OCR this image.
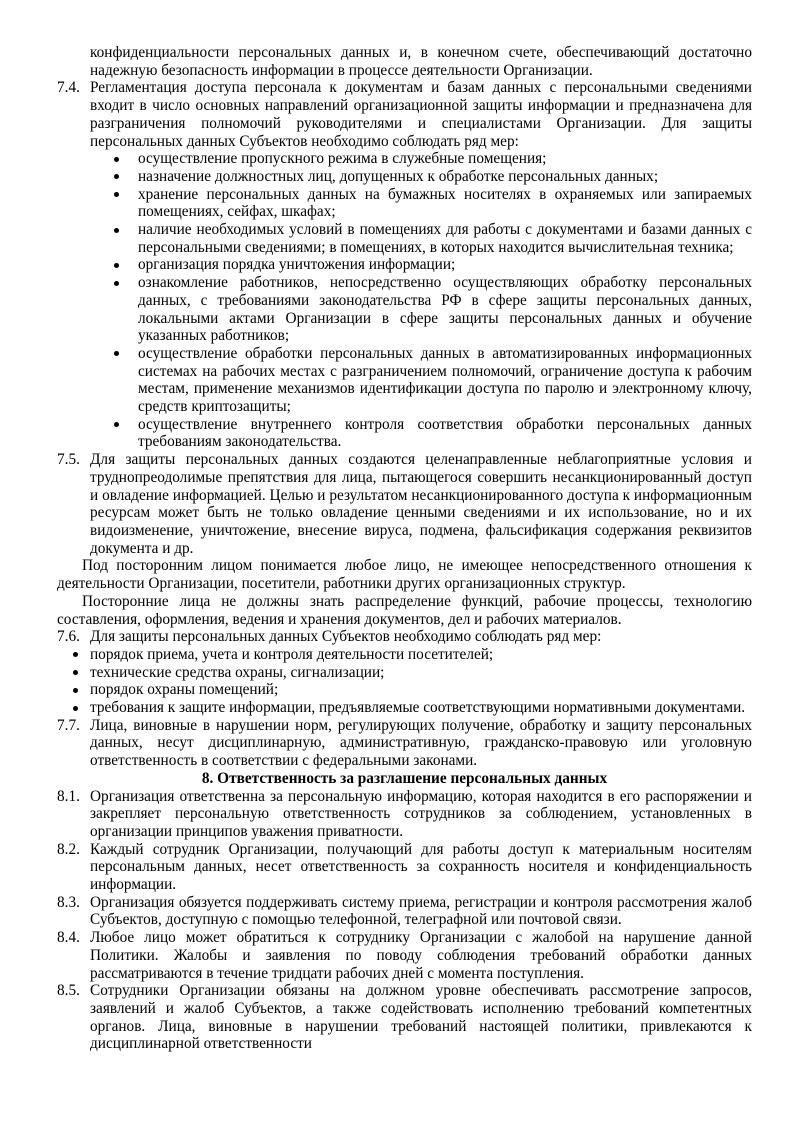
конфиденциальности персональных данных и, в конечном счете, обеспечивающий достаточно надежную безопасность информации в процессе деятельности Организации.

7.4. Регламентация доступа персонала к документам и базам данных с персональными сведениями входит в число основных направлений организационной защиты информации и предназначена для разграничения полномочий руководителями и специалистами Организации. Для защиты персональных данных Субъектов необходимо соблюдать ряд мер:
осуществление пропускного режима в служебные помещения;
назначение должностных лиц, допущенных к обработке персональных данных;
хранение персональных данных на бумажных носителях в охраняемых или запираемых помещениях, сейфах, шкафах;
наличие необходимых условий в помещениях для работы с документами и базами данных с персональными сведениями; в помещениях, в которых находится вычислительная техника;
организация порядка уничтожения информации;
ознакомление работников, непосредственно осуществляющих обработку персональных данных, с требованиями законодательства РФ в сфере защиты персональных данных, локальными актами Организации в сфере защиты персональных данных и обучение указанных работников;
осуществление обработки персональных данных в автоматизированных информационных системах на рабочих местах с разграничением полномочий, ограничение доступа к рабочим местам, применение механизмов идентификации доступа по паролю и электронному ключу, средств криптозащиты;
осуществление внутреннего контроля соответствия обработки персональных данных требованиям законодательства.
7.5. Для защиты персональных данных создаются целенаправленные неблагоприятные условия и труднопреодолимые препятствия для лица, пытающегося совершить несанкционированный доступ и овладение информацией. Целью и результатом несанкционированного доступа к информационным ресурсам может быть не только овладение ценными сведениями и их использование, но и их видоизменение, уничтожение, внесение вируса, подмена, фальсификация содержания реквизитов документа и др.

Под посторонним лицом понимается любое лицо, не имеющее непосредственного отношения к деятельности Организации, посетители, работники других организационных структур.

Посторонние лица не должны знать распределение функций, рабочие процессы, технологию составления, оформления, ведения и хранения документов, дел и рабочих материалов.

7.6. Для защиты персональных данных Субъектов необходимо соблюдать ряд мер:
порядок приема, учета и контроля деятельности посетителей;
технические средства охраны, сигнализации;
порядок охраны помещений;
требования к защите информации, предъявляемые соответствующими нормативными документами.
7.7. Лица, виновные в нарушении норм, регулирующих получение, обработку и защиту персональных данных, несут дисциплинарную, административную, гражданско-правовую или уголовную ответственность в соответствии с федеральными законами.

8. Ответственность за разглашение персональных данных

8.1. Организация ответственна за персональную информацию, которая находится в его распоряжении и закрепляет персональную ответственность сотрудников за соблюдением, установленных в организации принципов уважения приватности.
8.2. Каждый сотрудник Организации, получающий для работы доступ к материальным носителям персональным данных, несет ответственность за сохранность носителя и конфиденциальность информации.
8.3. Организация обязуется поддерживать систему приема, регистрации и контроля рассмотрения жалоб Субъектов, доступную с помощью телефонной, телеграфной или почтовой связи.
8.4. Любое лицо может обратиться к сотруднику Организации с жалобой на нарушение данной Политики. Жалобы и заявления по поводу соблюдения требований обработки данных рассматриваются в течение тридцати рабочих дней с момента поступления.
8.5. Сотрудники Организации обязаны на должном уровне обеспечивать рассмотрение запросов, заявлений и жалоб Субъектов, а также содействовать исполнению требований компетентных органов. Лица, виновные в нарушении требований настоящей политики, привлекаются к дисциплинарной ответственности
